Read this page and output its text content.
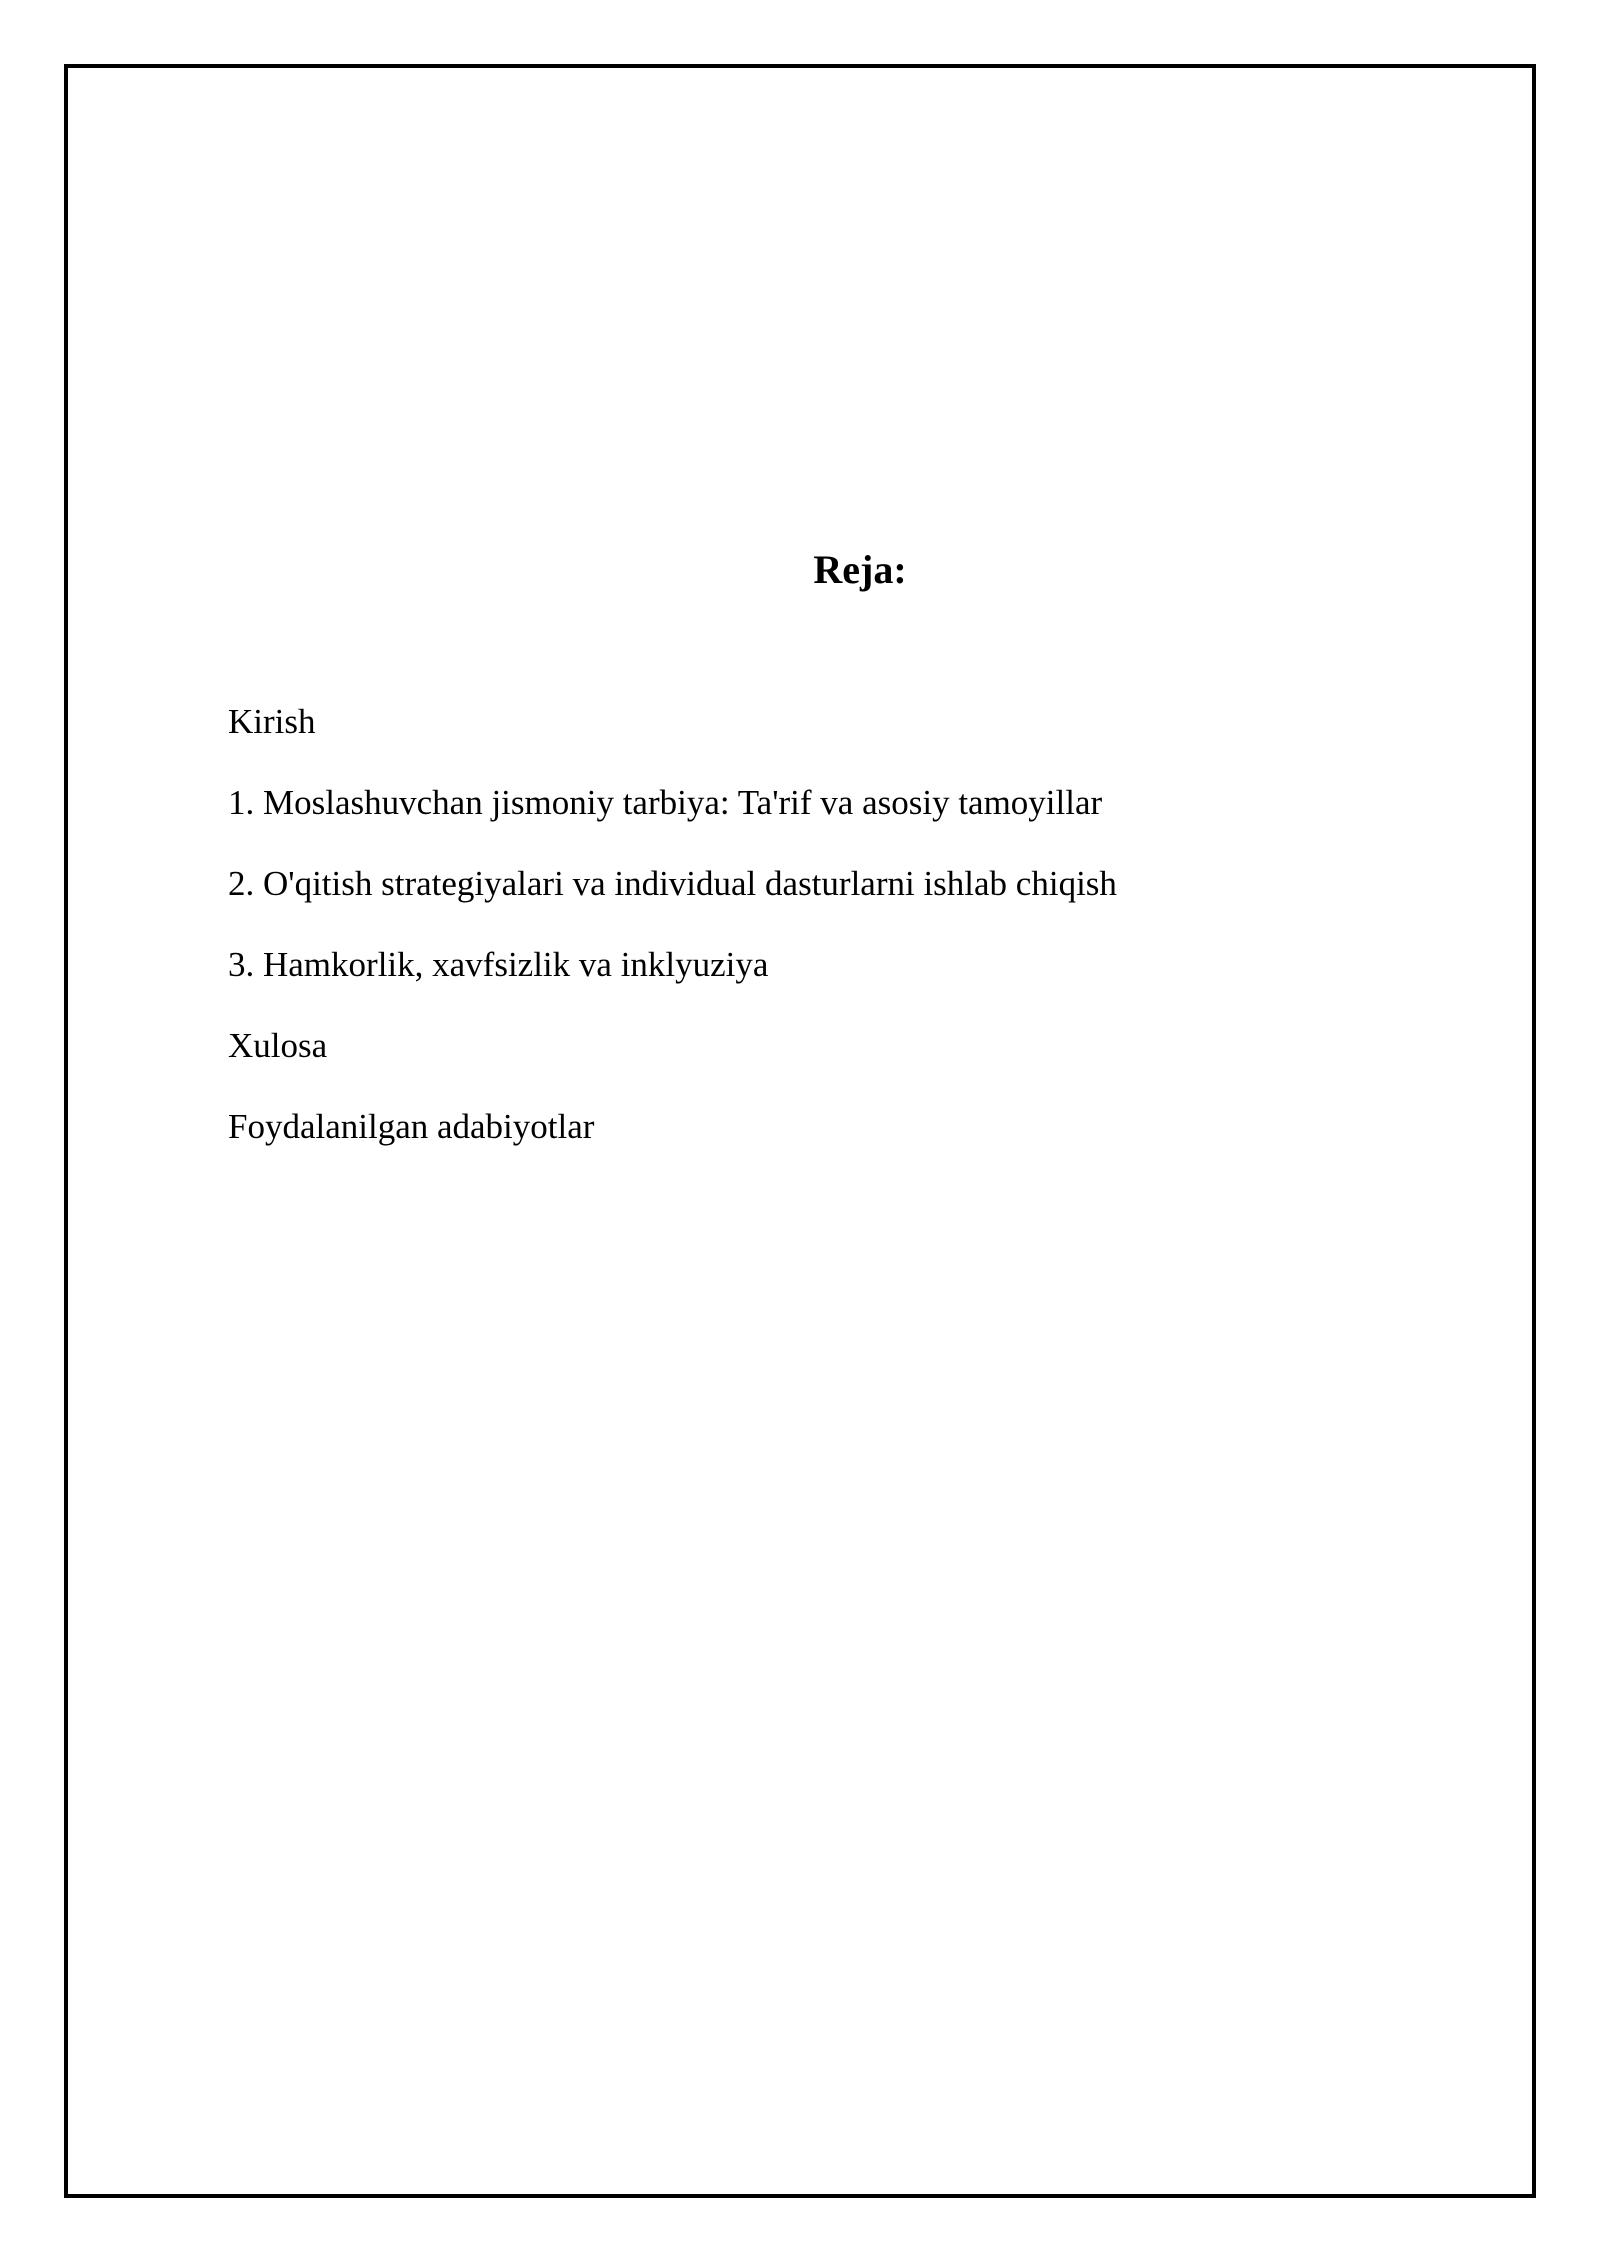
Reja:
Kirish
1. Moslashuvchan jismoniy tarbiya: Ta'rif va asosiy tamoyillar
2. O'qitish strategiyalari va individual dasturlarni ishlab chiqish
3. Hamkorlik, xavfsizlik va inklyuziya
Xulosa
Foydalanilgan adabiyotlar
